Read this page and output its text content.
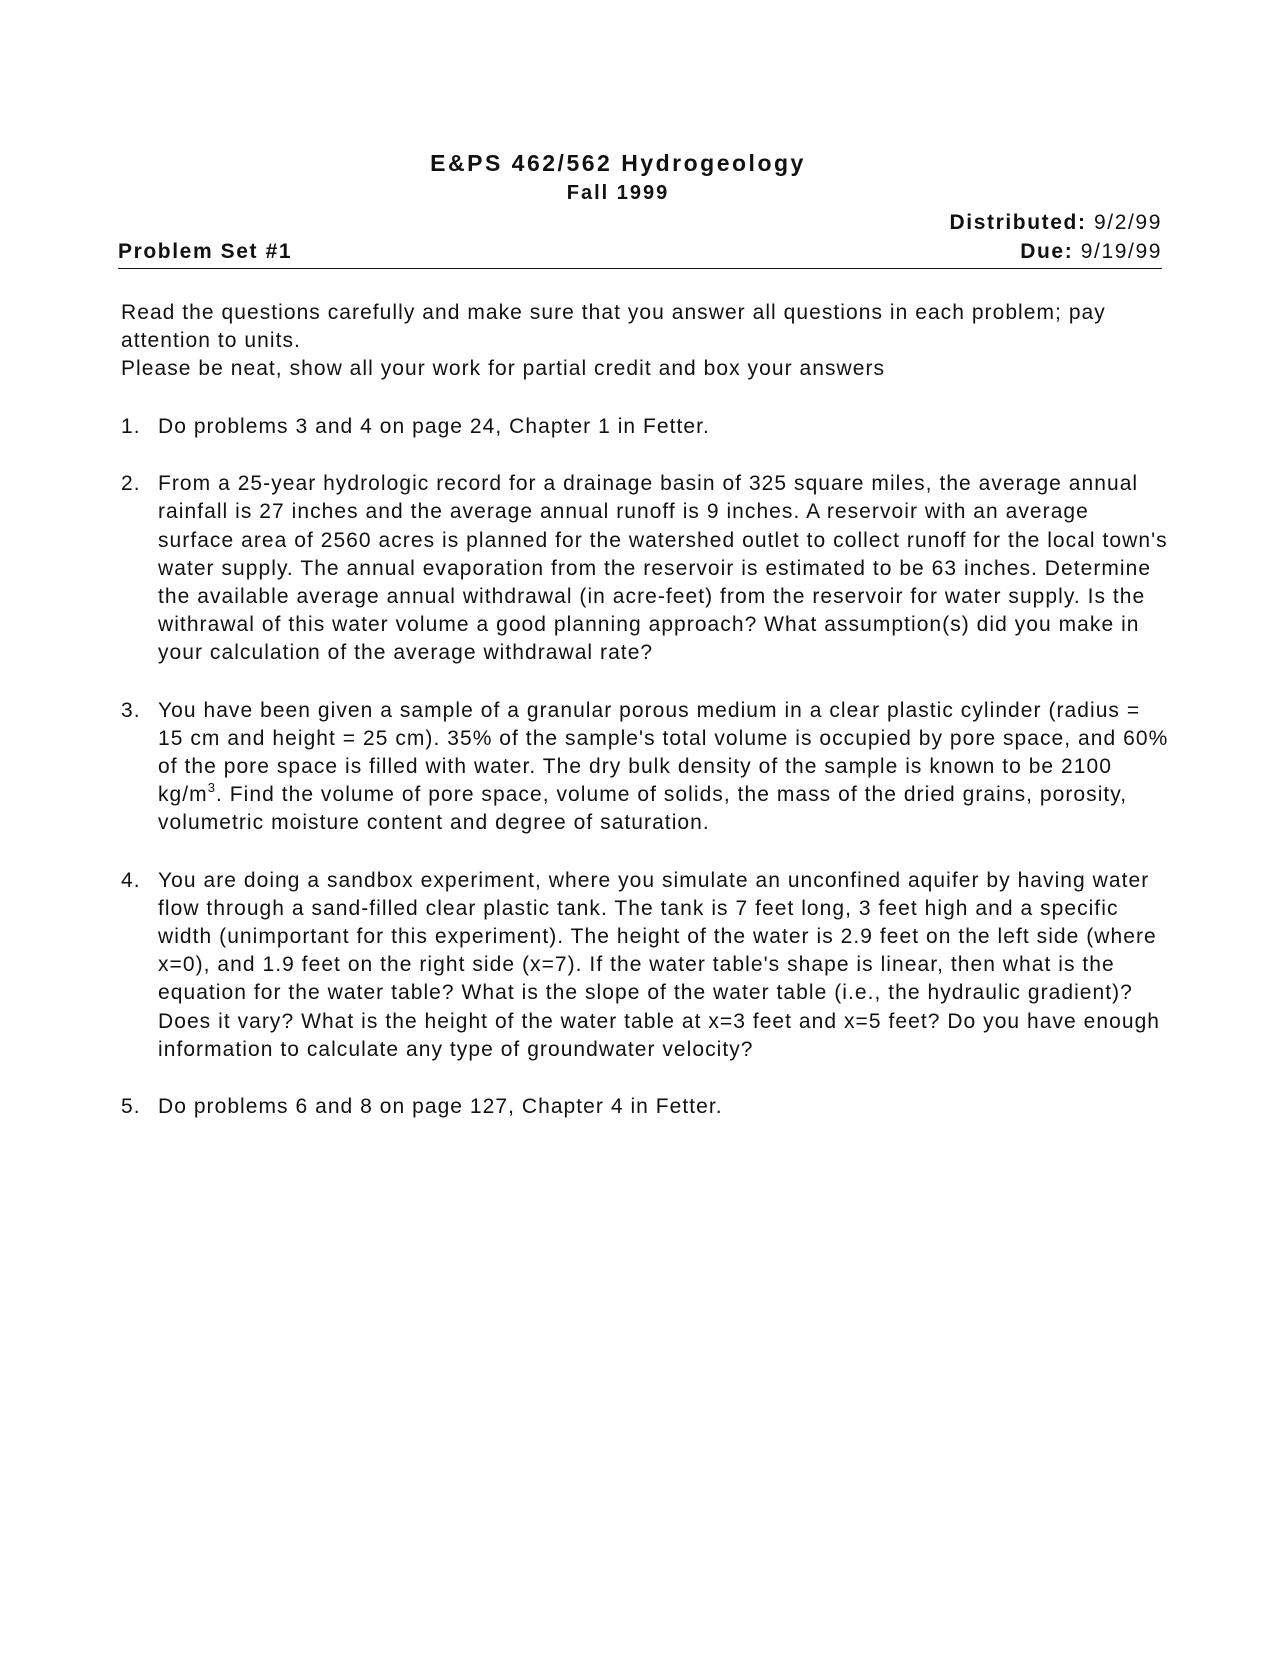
E&PS 462/562 Hydrogeology
Fall 1999
Distributed: 9/2/99
Problem Set #1	Due: 9/19/99

Read the questions carefully and make sure that you answer all questions in each problem; pay attention to units.

Please be neat, show all your work for partial credit and box your answers

1. Do problems 3 and 4 on page 24, Chapter 1 in Fetter.
2. From a 25-year hydrologic record for a drainage basin of 325 square miles, the average annual rainfall is 27 inches and the average annual runoff is 9 inches. A reservoir with an average surface area of 2560 acres is planned for the watershed outlet to collect runoff for the local town's water supply. The annual evaporation from the reservoir is estimated to be 63 inches. Determine the available average annual withdrawal (in acre-feet) from the reservoir for water supply. Is the withrawal of this water volume a good planning approach? What assumption(s) did you make in your calculation of the average withdrawal rate?
3. You have been given a sample of a granular porous medium in a clear plastic cylinder (radius = 15 cm and height = 25 cm). 35% of the sample's total volume is occupied by pore space, and 60% of the pore space is filled with water. The dry bulk density of the sample is known to be 2100 $kg/m^3$. Find the volume of pore space, volume of solids, the mass of the dried grains, porosity, volumetric moisture content and degree of saturation.
4. You are doing a sandbox experiment, where you simulate an unconfined aquifer by having water flow through a sand-filled clear plastic tank. The tank is 7 feet long, 3 feet high and a specific width (unimportant for this experiment). The height of the water is 2.9 feet on the left side (where x=0), and 1.9 feet on the right side (x=7). If the water table's shape is linear, then what is the equation for the water table? What is the slope of the water table (i.e., the hydraulic gradient)? Does it vary? What is the height of the water table at x=3 feet and x=5 feet? Do you have enough information to calculate any type of groundwater velocity?
5. Do problems 6 and 8 on page 127, Chapter 4 in Fetter.
